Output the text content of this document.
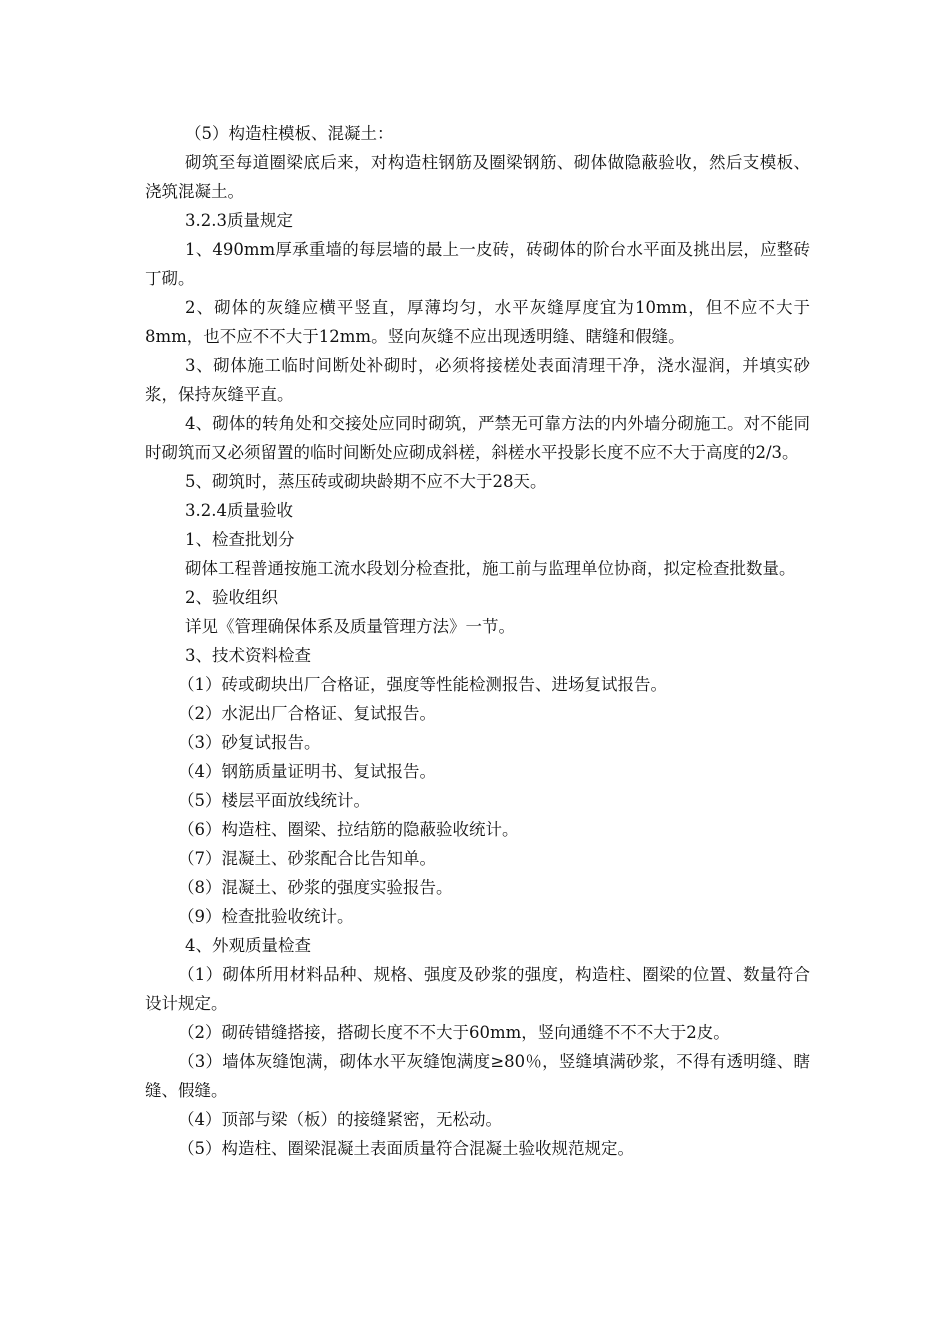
（5）构造柱模板、混凝土：

砌筑至每道圈梁底后来，对构造柱钢筋及圈梁钢筋、砌体做隐蔽验收，然后支模板、浇筑混凝土。

3.2.3质量规定

1、490mm厚承重墙的每层墙的最上一皮砖，砖砌体的阶台水平面及挑出层，应整砖丁砌。

2、砌体的灰缝应横平竖直，厚薄均匀，水平灰缝厚度宜为10mm，但不应不大于8mm，也不应不不大于12mm。竖向灰缝不应出现透明缝、瞎缝和假缝。

3、砌体施工临时间断处补砌时，必须将接槎处表面清理干净，浇水湿润，并填实砂浆，保持灰缝平直。

4、砌体的转角处和交接处应同时砌筑，严禁无可靠方法的内外墙分砌施工。对不能同时砌筑而又必须留置的临时间断处应砌成斜槎，斜槎水平投影长度不应不大于高度的2/3。

5、砌筑时，蒸压砖或砌块龄期不应不大于28天。

3.2.4质量验收

1、检查批划分

砌体工程普通按施工流水段划分检查批，施工前与监理单位协商，拟定检查批数量。

2、验收组织

详见《管理确保体系及质量管理方法》一节。

3、技术资料检查

（1）砖或砌块出厂合格证，强度等性能检测报告、进场复试报告。

（2）水泥出厂合格证、复试报告。

（3）砂复试报告。

（4）钢筋质量证明书、复试报告。

（5）楼层平面放线统计。

（6）构造柱、圈梁、拉结筋的隐蔽验收统计。

（7）混凝土、砂浆配合比告知单。

（8）混凝土、砂浆的强度实验报告。

（9）检查批验收统计。

4、外观质量检查

（1）砌体所用材料品种、规格、强度及砂浆的强度，构造柱、圈梁的位置、数量符合设计规定。

（2）砌砖错缝搭接，搭砌长度不不大于60mm，竖向通缝不不不大于2皮。

（3）墙体灰缝饱满，砌体水平灰缝饱满度≥80％，竖缝填满砂浆，不得有透明缝、瞎缝、假缝。

（4）顶部与梁（板）的接缝紧密，无松动。

（5）构造柱、圈梁混凝土表面质量符合混凝土验收规范规定。
